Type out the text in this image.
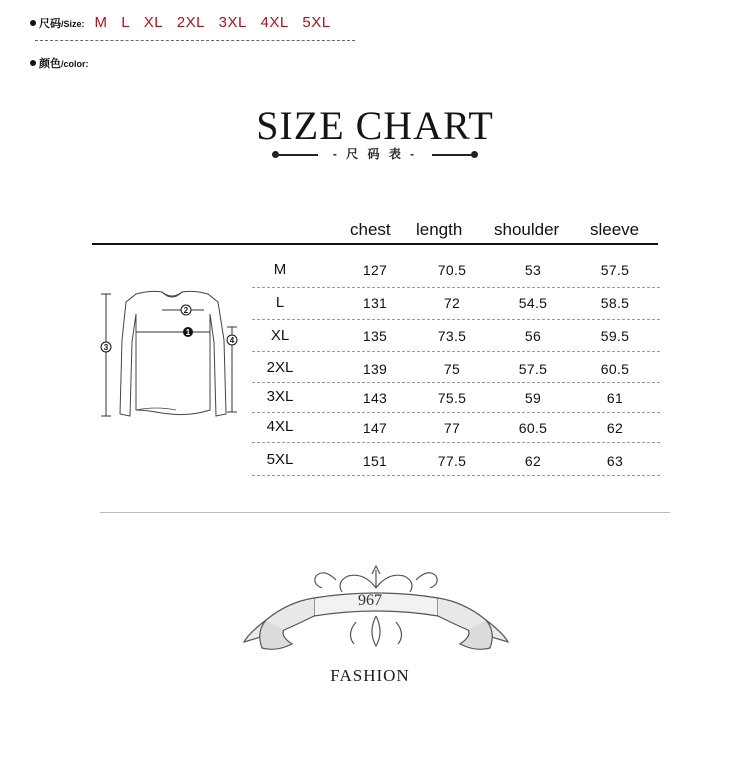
尺码/Size: M L XL 2XL 3XL 4XL 5XL
颜色/color:
SIZE CHART
- 尺 码 表 -
chest length shoulder sleeve
M	127	70.5	53	57.5
L	131	72	54.5	58.5
XL	135	73.5	56	59.5
2XL	139	75	57.5	60.5
3XL	143	75.5	59	61
4XL	147	77	60.5	62
5XL	151	77.5	62	63
2
1
3
4
967
FASHION
